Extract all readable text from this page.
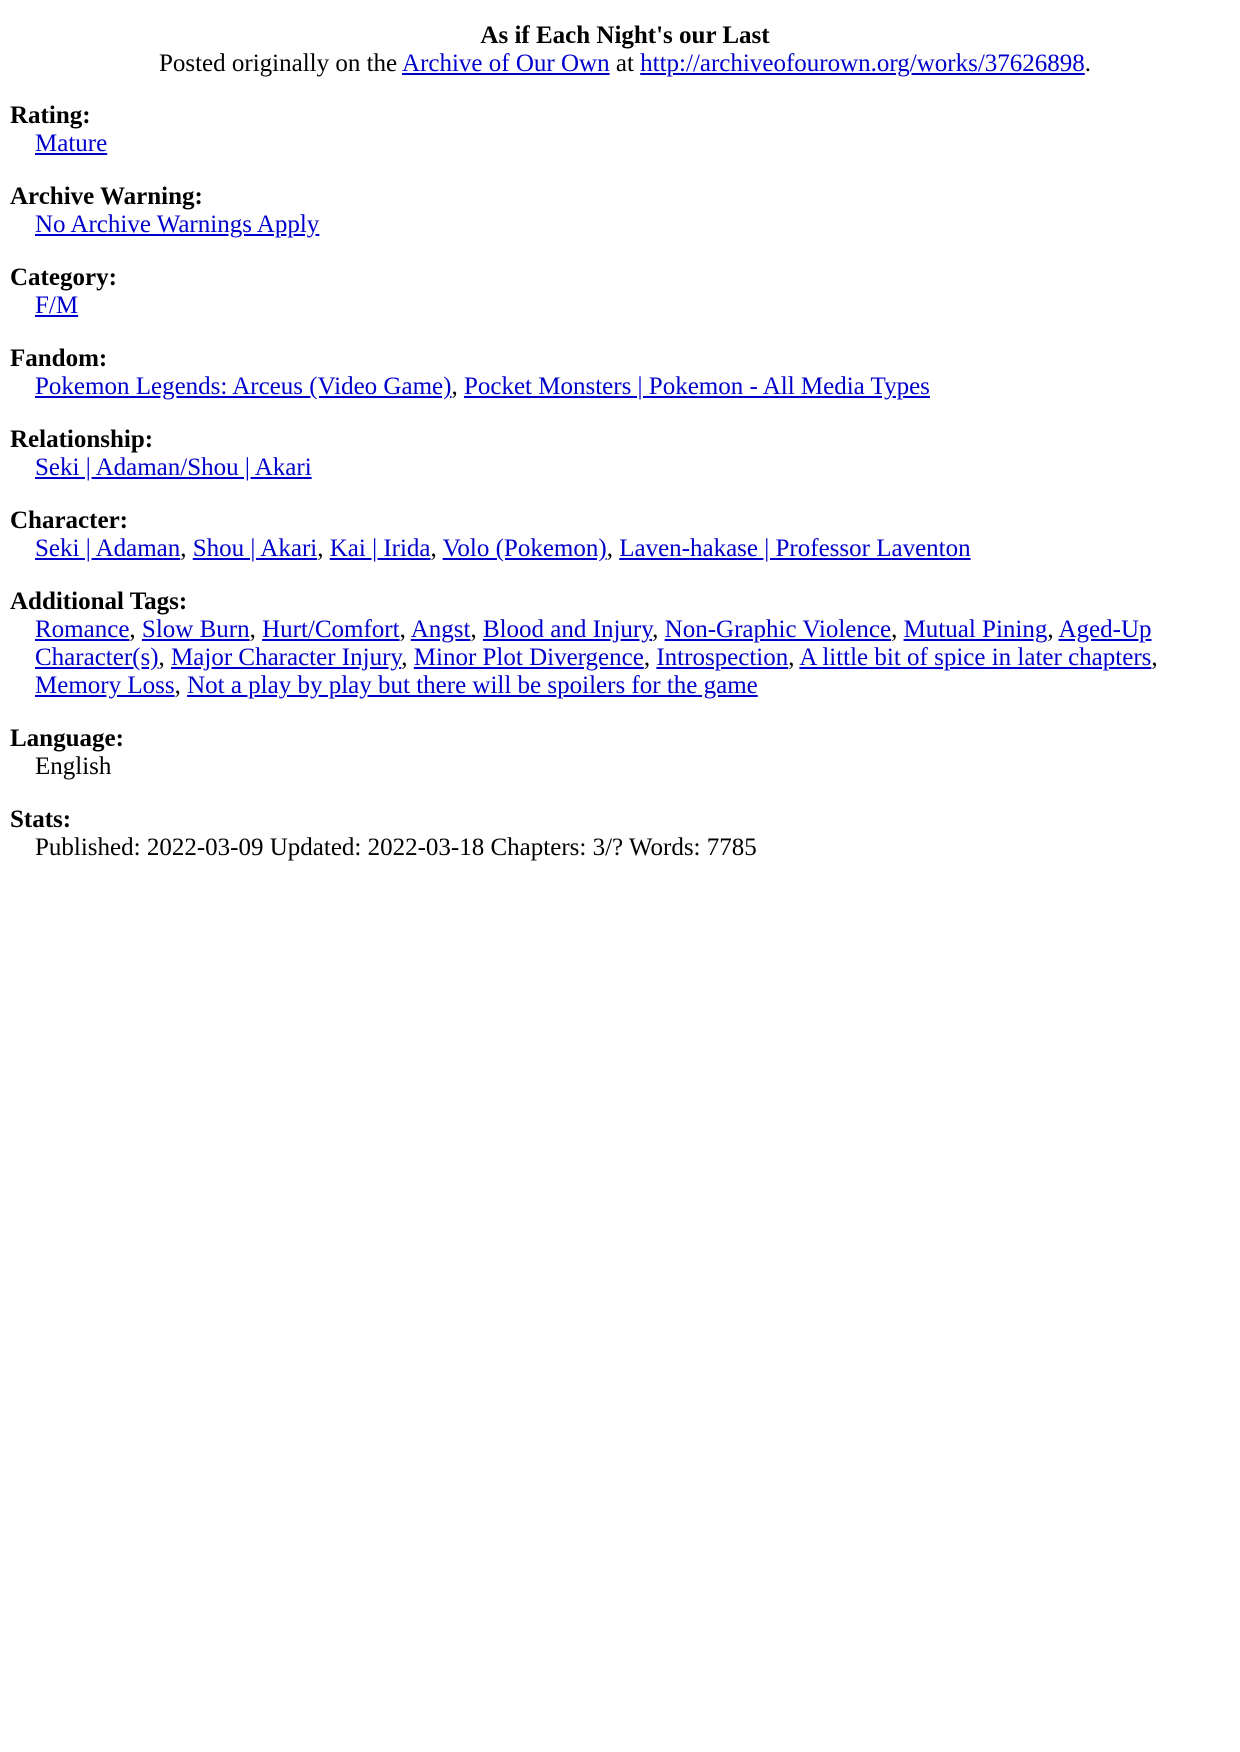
As if Each Night's our Last
Posted originally on the Archive of Our Own at http://archiveofourown.org/works/37626898.
Rating:
Mature
Archive Warning:
No Archive Warnings Apply
Category:
F/M
Fandom:
Pokemon Legends: Arceus (Video Game), Pocket Monsters | Pokemon - All Media Types
Relationship:
Seki | Adaman/Shou | Akari
Character:
Seki | Adaman, Shou | Akari, Kai | Irida, Volo (Pokemon), Laven-hakase | Professor Laventon
Additional Tags:
Romance, Slow Burn, Hurt/Comfort, Angst, Blood and Injury, Non-Graphic Violence, Mutual Pining, Aged-Up Character(s), Major Character Injury, Minor Plot Divergence, Introspection, A little bit of spice in later chapters, Memory Loss, Not a play by play but there will be spoilers for the game
Language:
English
Stats:
Published: 2022-03-09 Updated: 2022-03-18 Chapters: 3/? Words: 7785
